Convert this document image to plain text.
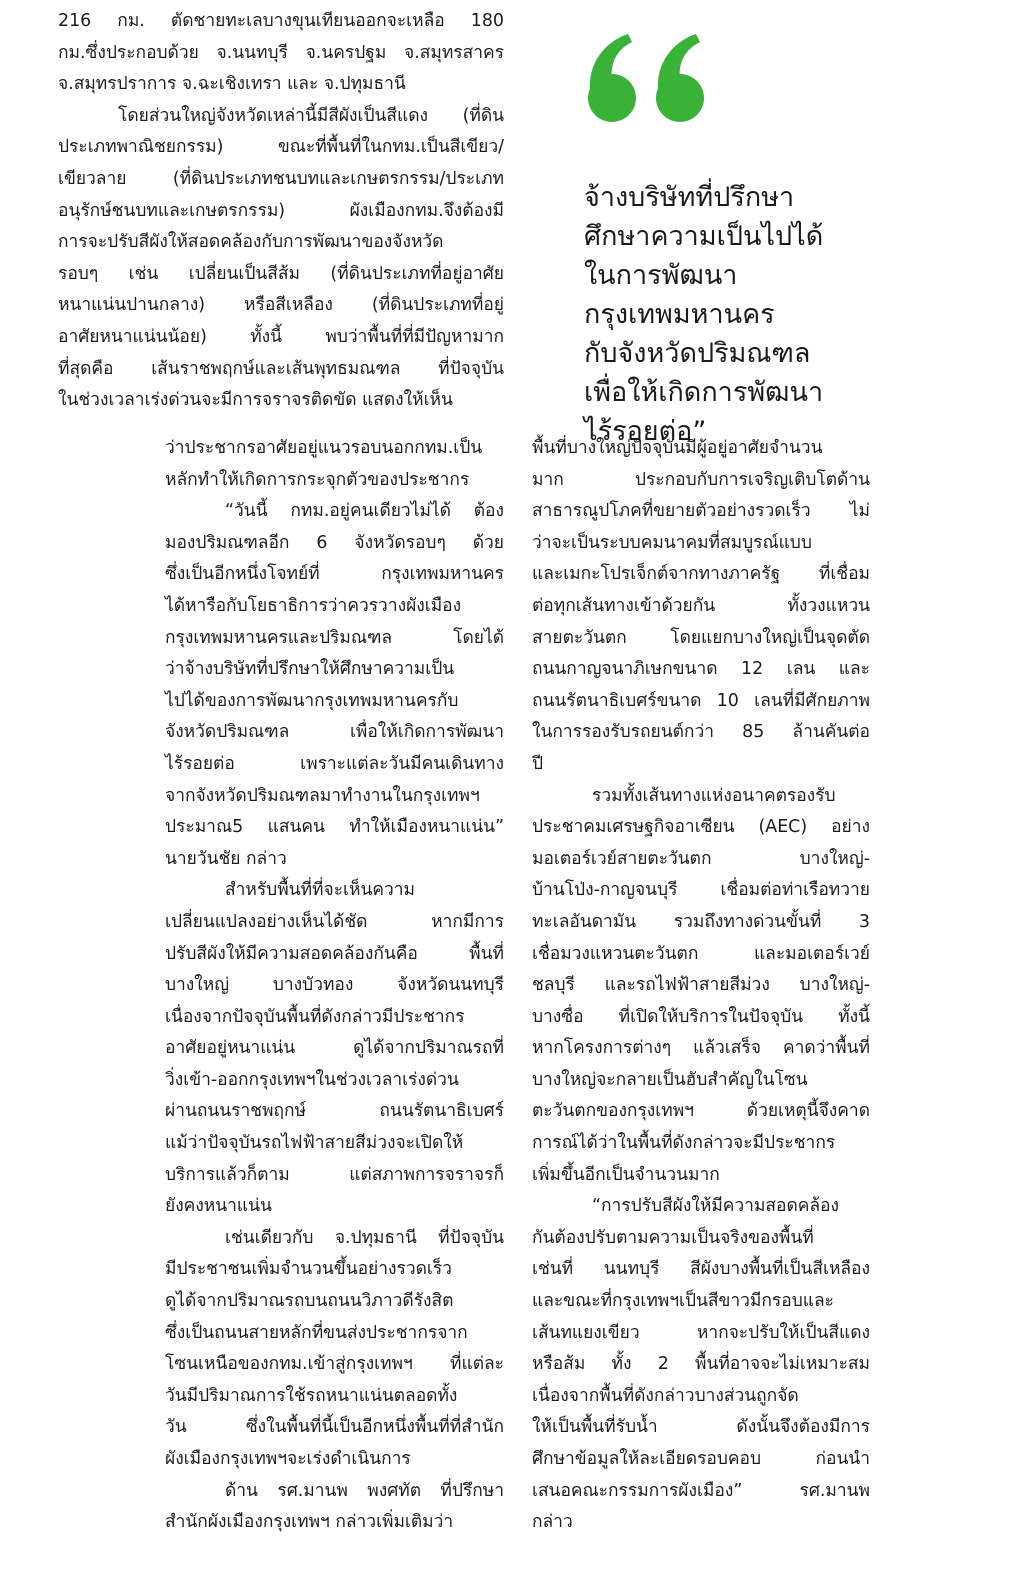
216 กม. ตัดชายทะเลบางขุนเทียนออกจะเหลือ 180
กม.ซึ่งประกอบด้วย จ.นนทบุรี จ.นครปฐม จ.สมุทรสาคร
จ.สมุทรปราการ จ.ฉะเชิงเทรา และ จ.ปทุมธานี

โดยส่วนใหญ่จังหวัดเหล่านี้มีสีผังเป็นสีแดง (ที่ดิน
ประเภทพาณิชยกรรม) ขณะที่พื้นที่ในกทม.เป็นสีเขียว/
เขียวลาย (ที่ดินประเภทชนบทและเกษตรกรรม/ประเภท
อนุรักษ์ชนบทและเกษตรกรรม) ผังเมืองกทม.จึงต้องมี
การจะปรับสีผังให้สอดคล้องกับการพัฒนาของจังหวัด
รอบๆ เช่น เปลี่ยนเป็นสีส้ม (ที่ดินประเภทที่อยู่อาศัย
หนาแน่นปานกลาง) หรือสีเหลือง (ที่ดินประเภทที่อยู่
อาศัยหนาแน่นน้อย) ทั้งนี้ พบว่าพื้นที่ที่มีปัญหามาก
ที่สุดคือ เส้นราชพฤกษ์และเส้นพุทธมณฑล ที่ปัจจุบัน
ในช่วงเวลาเร่งด่วนจะมีการจราจรติดขัด แสดงให้เห็น

จ้างบริษัทที่ปรึกษา
ศึกษาความเป็นไปได้
ในการพัฒนา
กรุงเทพมหานคร
กับจังหวัดปริมณฑล
เพื่อให้เกิดการพัฒนา
ไร้รอยต่อ”

ว่าประชากรอาศัยอยู่แนวรอบนอกกทม.เป็น
หลักทำให้เกิดการกระจุกตัวของประชากร

“วันนี้ กทม.อยู่คนเดียวไม่ได้ ต้อง
มองปริมณฑลอีก 6 จังหวัดรอบๆ ด้วย
ซึ่งเป็นอีกหนึ่งโจทย์ที่ กรุงเทพมหานคร
ได้หารือกับโยธาธิการว่าควรวางผังเมือง
กรุงเทพมหานครและปริมณฑล โดยได้
ว่าจ้างบริษัทที่ปรึกษาให้ศึกษาความเป็น
ไปได้ของการพัฒนากรุงเทพมหานครกับ
จังหวัดปริมณฑล เพื่อให้เกิดการพัฒนา
ไร้รอยต่อ เพราะแต่ละวันมีคนเดินทาง
จากจังหวัดปริมณฑลมาทำงานในกรุงเทพฯ
ประมาณ5 แสนคน ทำให้เมืองหนาแน่น”
นายวันชัย กล่าว

สำหรับพื้นที่ที่จะเห็นความ
เปลี่ยนแปลงอย่างเห็นได้ชัด หากมีการ
ปรับสีผังให้มีความสอดคล้องกันคือ พื้นที่
บางใหญ่ บางบัวทอง จังหวัดนนทบุรี
เนื่องจากปัจจุบันพื้นที่ดังกล่าวมีประชากร
อาศัยอยู่หนาแน่น ดูได้จากปริมาณรถที่
วิ่งเข้า-ออกกรุงเทพฯในช่วงเวลาเร่งด่วน
ผ่านถนนราชพฤกษ์ ถนนรัตนาธิเบศร์
แม้ว่าปัจจุบันรถไฟฟ้าสายสีม่วงจะเปิดให้
บริการแล้วก็ตาม แต่สภาพการจราจรก็
ยังคงหนาแน่น

เช่นเดียวกับ จ.ปทุมธานี ที่ปัจจุบัน
มีประชาชนเพิ่มจำนวนขึ้นอย่างรวดเร็ว
ดูได้จากปริมาณรถบนถนนวิภาวดีรังสิต
ซึ่งเป็นถนนสายหลักที่ขนส่งประชากรจาก
โซนเหนือของกทม.เข้าสู่กรุงเทพฯ ที่แต่ละ
วันมีปริมาณการใช้รถหนาแน่นตลอดทั้ง
วัน ซึ่งในพื้นที่นี้เป็นอีกหนึ่งพื้นที่ที่สำนัก
ผังเมืองกรุงเทพฯจะเร่งดำเนินการ

ด้าน รศ.มานพ พงศทัต ที่ปรึกษา
สำนักผังเมืองกรุงเทพฯ กล่าวเพิ่มเติมว่า

พื้นที่บางใหญ่ปัจจุบันมีผู้อยู่อาศัยจำนวน
มาก ประกอบกับการเจริญเติบโตด้าน
สาธารณูปโภคที่ขยายตัวอย่างรวดเร็ว ไม่
ว่าจะเป็นระบบคมนาคมที่สมบูรณ์แบบ
และเมกะโปรเจ็กต์จากทางภาครัฐ ที่เชื่อม
ต่อทุกเส้นทางเข้าด้วยกัน ทั้งวงแหวน
สายตะวันตก โดยแยกบางใหญ่เป็นจุดตัด
ถนนกาญจนาภิเษกขนาด 12 เลน และ
ถนนรัตนาธิเบศร์ขนาด 10 เลนที่มีศักยภาพ
ในการรองรับรถยนต์กว่า 85 ล้านคันต่อ
ปี

รวมทั้งเส้นทางแห่งอนาคตรองรับ
ประชาคมเศรษฐกิจอาเซียน (AEC) อย่าง
มอเตอร์เวย์สายตะวันตก บางใหญ่-
บ้านโป่ง-กาญจนบุรี เชื่อมต่อท่าเรือทวาย
ทะเลอันดามัน รวมถึงทางด่วนขั้นที่ 3
เชื่อมวงแหวนตะวันตก และมอเตอร์เวย์
ชลบุรี และรถไฟฟ้าสายสีม่วง บางใหญ่-
บางซื่อ ที่เปิดให้บริการในปัจจุบัน ทั้งนี้
หากโครงการต่างๆ แล้วเสร็จ คาดว่าพื้นที่
บางใหญ่จะกลายเป็นฮับสำคัญในโซน
ตะวันตกของกรุงเทพฯ ด้วยเหตุนี้จึงคาด
การณ์ได้ว่าในพื้นที่ดังกล่าวจะมีประชากร
เพิ่มขึ้นอีกเป็นจำนวนมาก

“การปรับสีผังให้มีความสอดคล้อง
กันต้องปรับตามความเป็นจริงของพื้นที่
เช่นที่ นนทบุรี สีผังบางพื้นที่เป็นสีเหลือง
และขณะที่กรุงเทพฯเป็นสีขาวมีกรอบและ
เส้นทแยงเขียว หากจะปรับให้เป็นสีแดง
หรือส้ม ทั้ง 2 พื้นที่อาจจะไม่เหมาะสม
เนื่องจากพื้นที่ดังกล่าวบางส่วนถูกจัด
ให้เป็นพื้นที่รับน้ำ ดังนั้นจึงต้องมีการ
ศึกษาข้อมูลให้ละเอียดรอบคอบ ก่อนนำ
เสนอคณะกรรมการผังเมือง” รศ.มานพ
กล่าว
